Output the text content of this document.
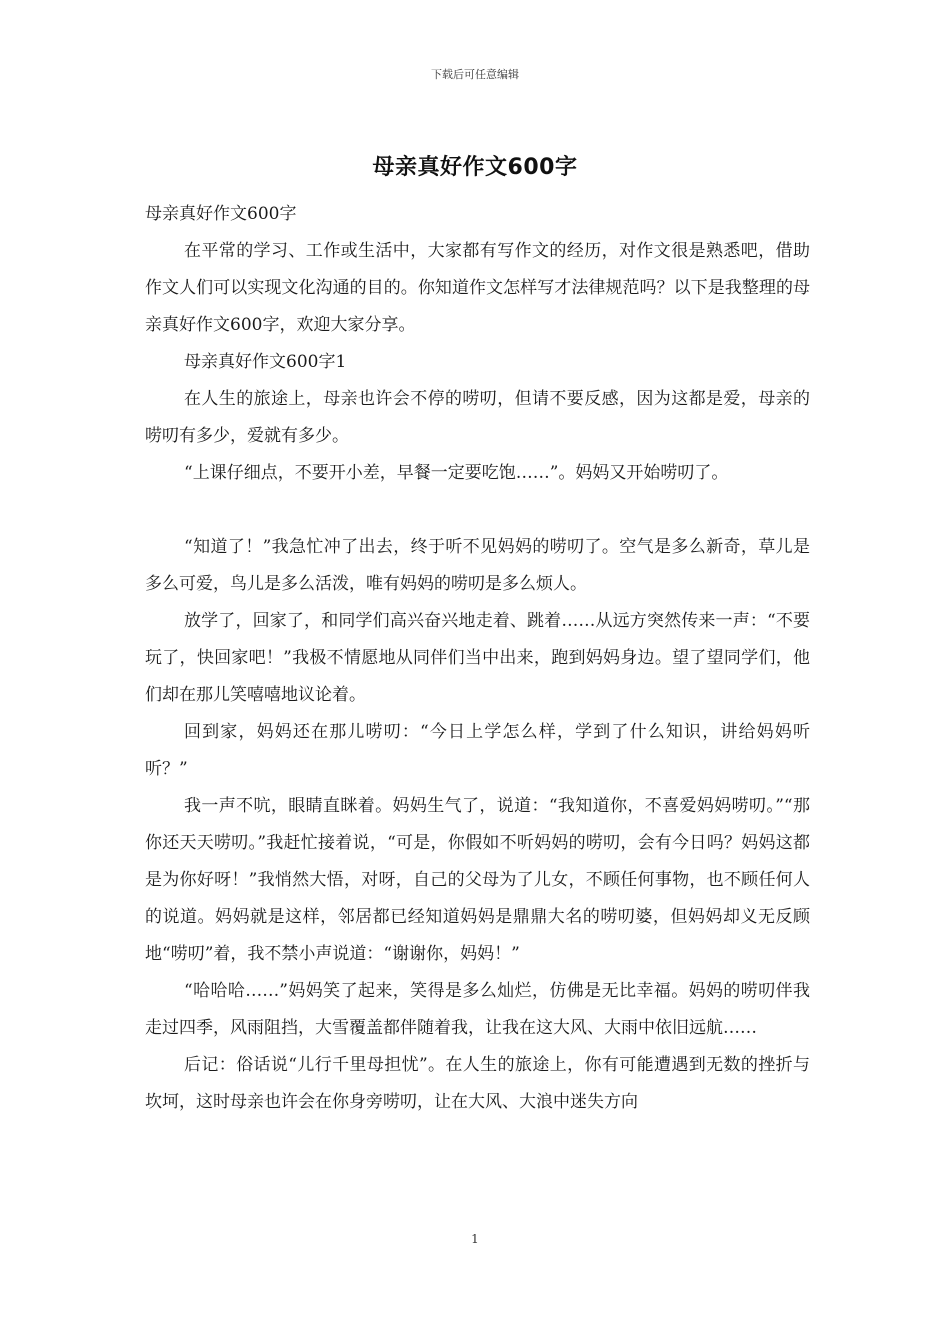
下载后可任意编辑
母亲真好作文600字

母亲真好作文600字

在平常的学习、工作或生活中，大家都有写作文的经历，对作文很是熟悉吧，借助作文人们可以实现文化沟通的目的。你知道作文怎样写才法律规范吗？以下是我整理的母亲真好作文600字，欢迎大家分享。

母亲真好作文600字1

在人生的旅途上，母亲也许会不停的唠叨，但请不要反感，因为这都是爱，母亲的唠叨有多少，爱就有多少。

“上课仔细点，不要开小差，早餐一定要吃饱……”。妈妈又开始唠叨了。

“知道了！”我急忙冲了出去，终于听不见妈妈的唠叨了。空气是多么新奇，草儿是多么可爱，鸟儿是多么活泼，唯有妈妈的唠叨是多么烦人。

放学了，回家了，和同学们高兴奋兴地走着、跳着……从远方突然传来一声：“不要玩了，快回家吧！”我极不情愿地从同伴们当中出来，跑到妈妈身边。望了望同学们，他们却在那儿笑嘻嘻地议论着。

回到家，妈妈还在那儿唠叨：“今日上学怎么样，学到了什么知识，讲给妈妈听听？”

我一声不吭，眼睛直眯着。妈妈生气了，说道：“我知道你，不喜爱妈妈唠叨。”“那你还天天唠叨。”我赶忙接着说，“可是，你假如不听妈妈的唠叨，会有今日吗？妈妈这都是为你好呀！”我悄然大悟，对呀，自己的父母为了儿女，不顾任何事物，也不顾任何人的说道。妈妈就是这样，邻居都已经知道妈妈是鼎鼎大名的唠叨婆，但妈妈却义无反顾地“唠叨”着，我不禁小声说道：“谢谢你，妈妈！”

“哈哈哈……”妈妈笑了起来，笑得是多么灿烂，仿佛是无比幸福。妈妈的唠叨伴我走过四季，风雨阻挡，大雪覆盖都伴随着我，让我在这大风、大雨中依旧远航……

后记：俗话说“儿行千里母担忧”。在人生的旅途上，你有可能遭遇到无数的挫折与坎坷，这时母亲也许会在你身旁唠叨，让在大风、大浪中迷失方向

1
